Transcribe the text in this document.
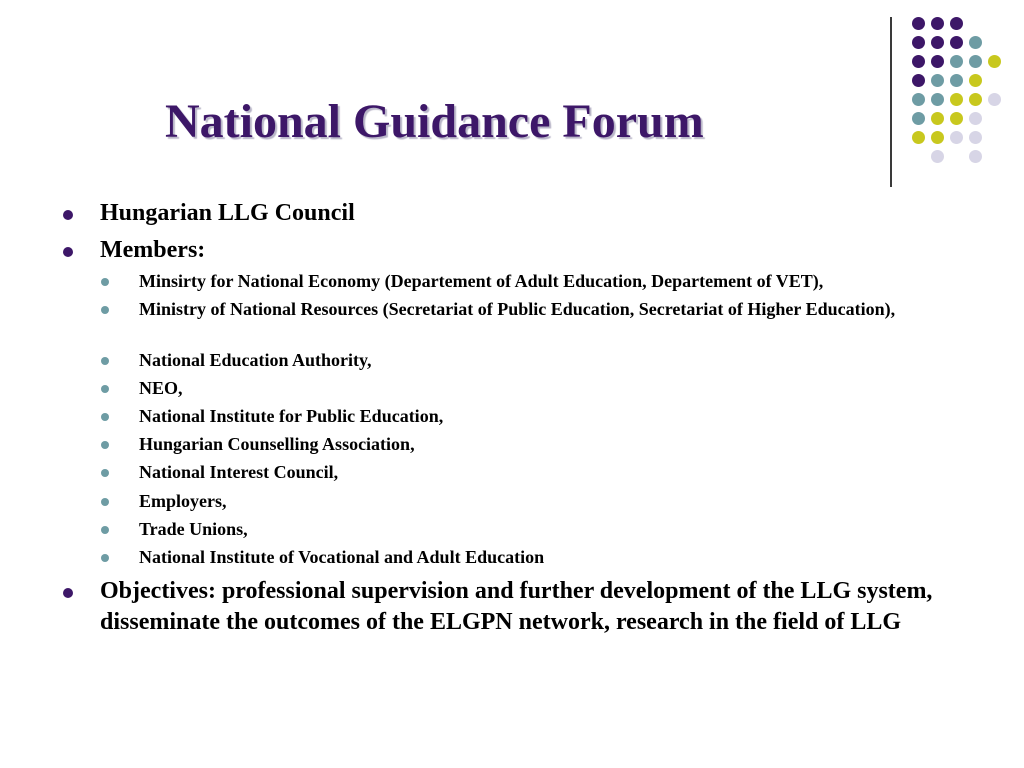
National Guidance Forum
Hungarian LLG Council
Members:
Minsirty for National Economy (Departement of Adult Education, Departement of VET),
Ministry of National Resources (Secretariat of Public Education, Secretariat of Higher Education),
National Education Authority,
NEO,
National Institute for Public Education,
Hungarian Counselling Association,
National Interest Council,
Employers,
Trade Unions,
National Institute of Vocational and Adult Education
Objectives: professional supervision and further development of the LLG system, disseminate the outcomes of the ELGPN network, research in the field of LLG
